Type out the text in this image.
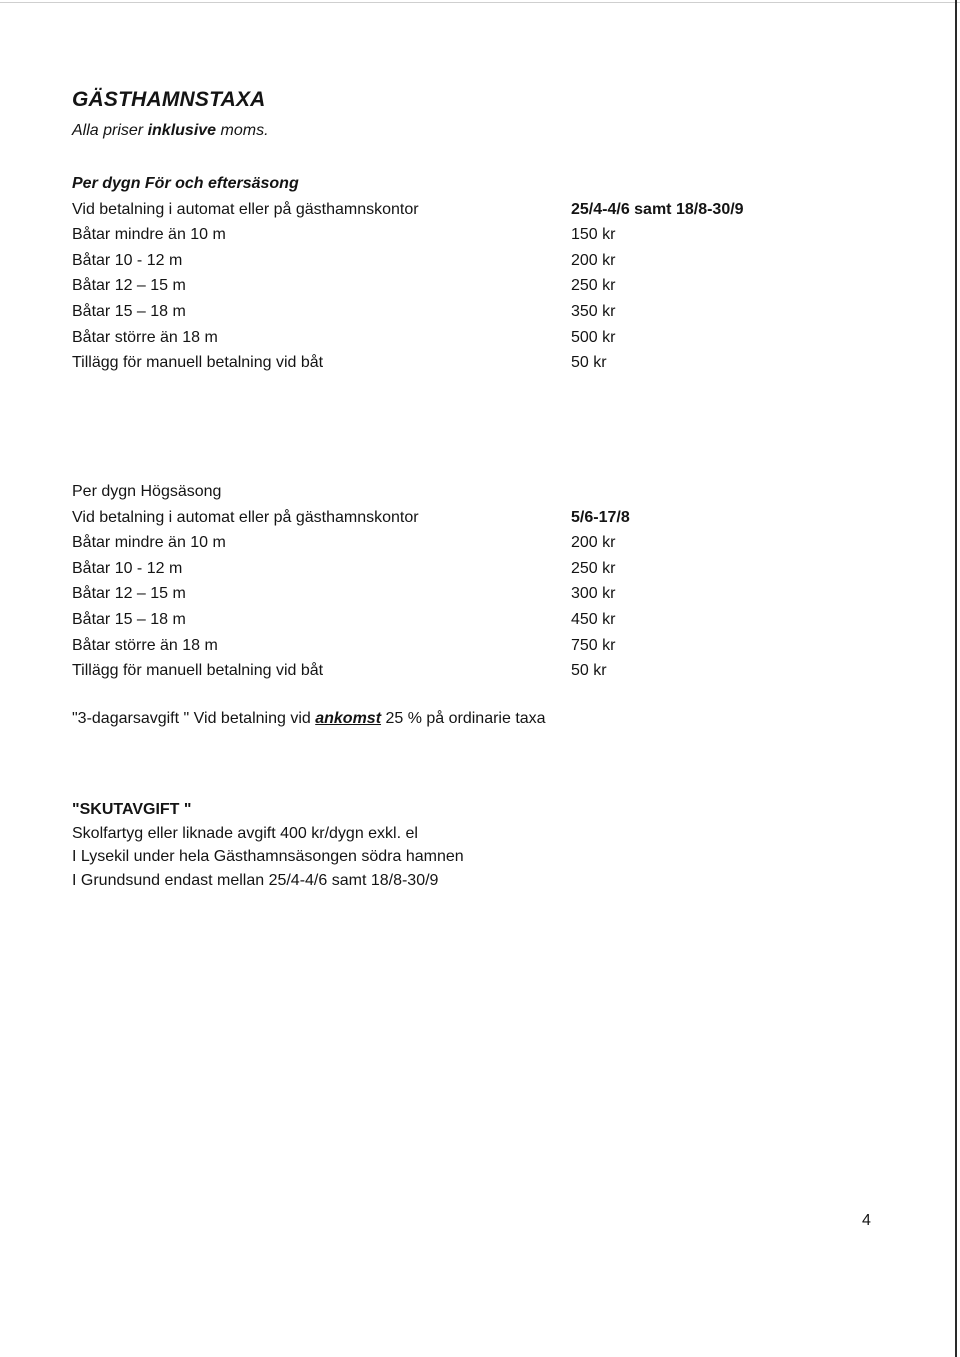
GÄSTHAMNSTAXA
Alla priser inklusive moms.
Per dygn För och eftersäsong
Vid betalning i automat eller på gästhamnskontor	25/4-4/6 samt 18/8-30/9
Båtar mindre än 10 m	150 kr
Båtar 10 - 12 m	200 kr
Båtar 12 – 15 m	250 kr
Båtar 15 – 18 m	350 kr
Båtar större än 18 m	500 kr
Tillägg för manuell betalning vid båt	50 kr
Per dygn Högsäsong
Vid betalning i automat eller på gästhamnskontor	5/6-17/8
Båtar mindre än 10 m	200 kr
Båtar 10 - 12 m	250 kr
Båtar 12 – 15 m	300 kr
Båtar 15 – 18 m	450 kr
Båtar större än 18 m	750 kr
Tillägg för manuell betalning vid båt	50 kr
"3-dagarsavgift " Vid betalning vid ankomst 25 % på ordinarie taxa
"SKUTAVGIFT "
Skolfartyg eller liknade avgift 400 kr/dygn exkl. el
I Lysekil under hela Gästhamnsäsongen södra hamnen
I Grundsund endast mellan 25/4-4/6 samt 18/8-30/9
4
